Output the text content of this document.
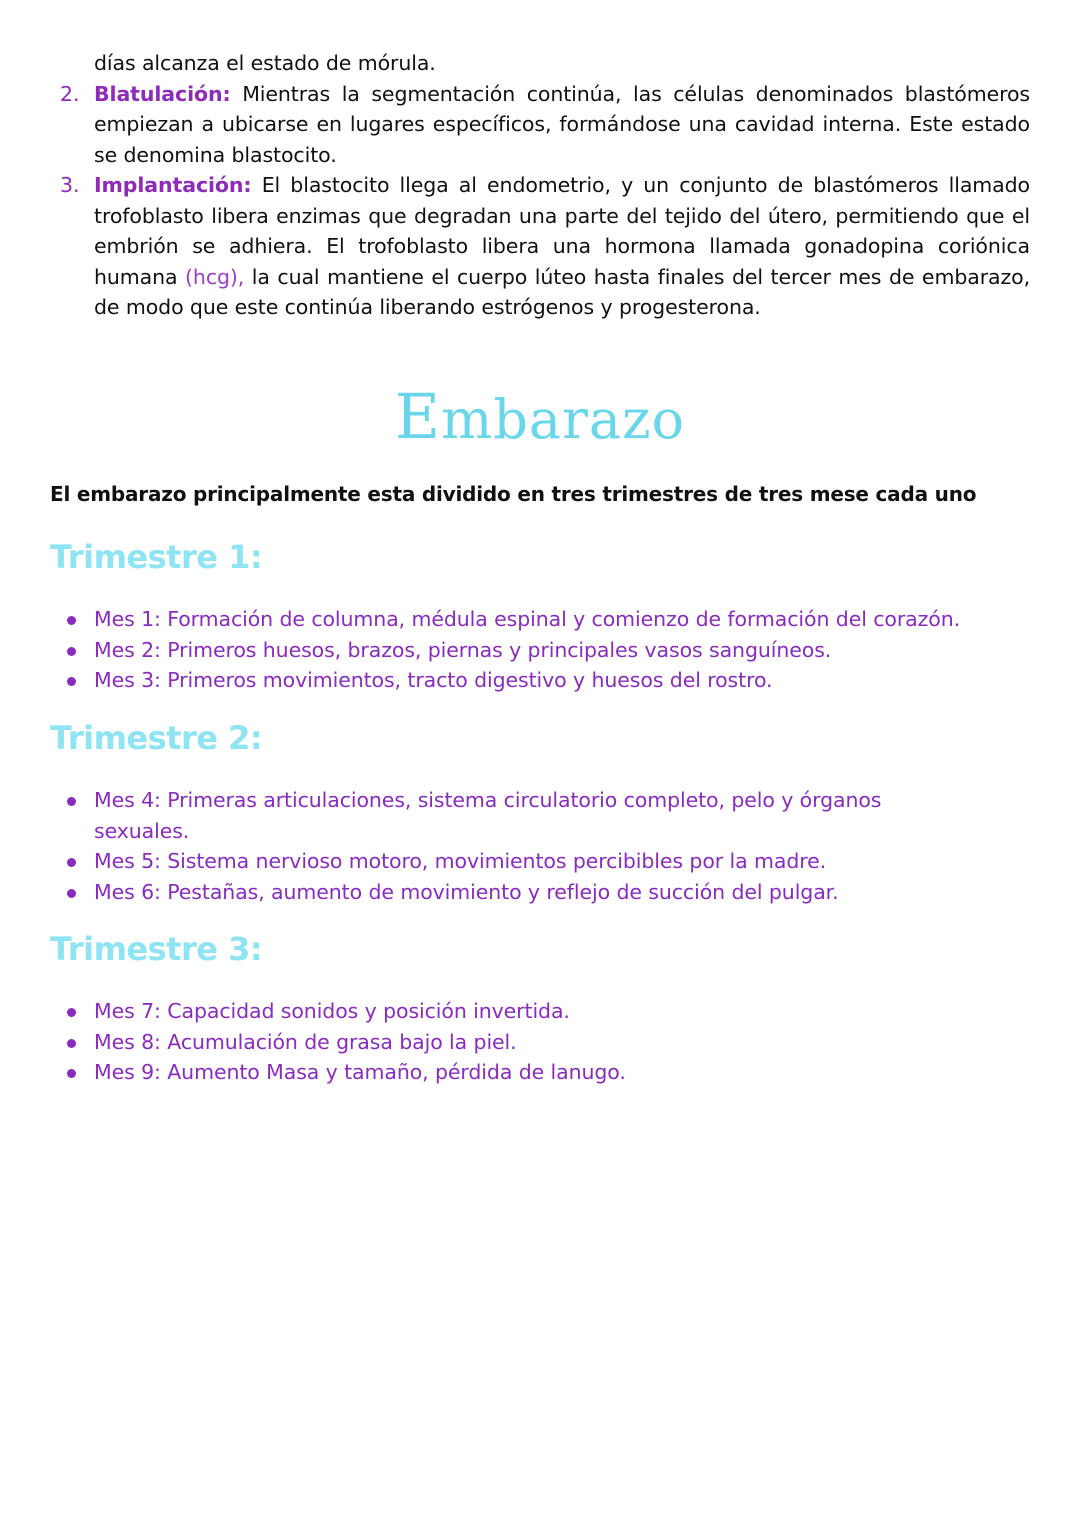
días alcanza el estado de mórula.

2. Blatulación: Mientras la segmentación continúa, las células denominados blastómeros empiezan a ubicarse en lugares específicos, formándose una cavidad interna. Este estado se denomina blastocito.
3. Implantación: El blastocito llega al endometrio, y un conjunto de blastómeros llamado trofoblasto libera enzimas que degradan una parte del tejido del útero, permitiendo que el embrión se adhiera. El trofoblasto libera una hormona llamada gonadopina coriónica humana (hcg), la cual mantiene el cuerpo lúteo hasta finales del tercer mes de embarazo, de modo que este continúa liberando estrógenos y progesterona.
Embarazo
El embarazo principalmente esta dividido en tres trimestres de tres mese cada uno
Trimestre 1:
Mes 1: Formación de columna, médula espinal y comienzo de formación del corazón.
Mes 2: Primeros huesos, brazos, piernas y principales vasos sanguíneos.
Mes 3: Primeros movimientos, tracto digestivo y huesos del rostro.
Trimestre 2:
Mes 4: Primeras articulaciones, sistema circulatorio completo, pelo y órganos sexuales.
Mes 5: Sistema nervioso motoro, movimientos percibibles por la madre.
Mes 6: Pestañas, aumento de movimiento y reflejo de succión del pulgar.
Trimestre 3:
Mes 7: Capacidad sonidos y posición invertida.
Mes 8: Acumulación de grasa bajo la piel.
Mes 9: Aumento Masa y tamaño, pérdida de lanugo.
